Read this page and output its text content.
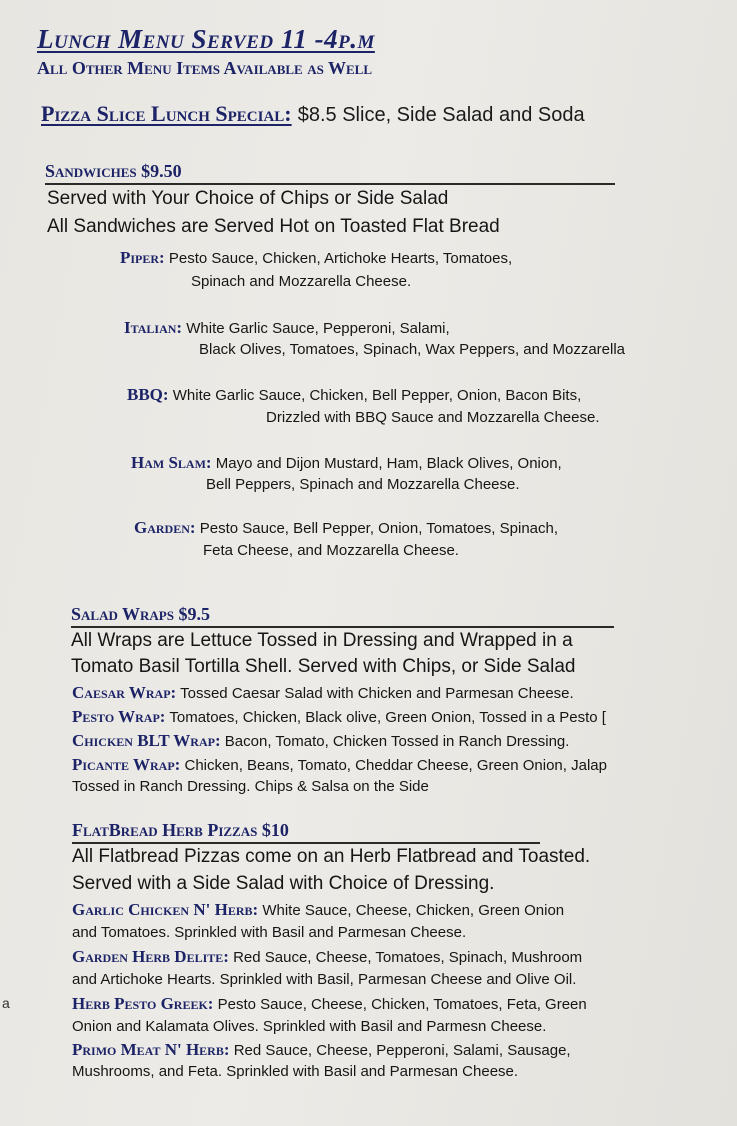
Lunch Menu Served 11 -4p.m
All Other Menu Items Available as Well
Pizza Slice Lunch Special: $8.5 Slice, Side Salad and Soda
Sandwiches $9.50
Served with Your Choice of Chips or Side Salad
All Sandwiches are Served Hot on Toasted Flat Bread
Piper: Pesto Sauce, Chicken, Artichoke Hearts, Tomatoes,
Spinach and Mozzarella Cheese.
Italian: White Garlic Sauce, Pepperoni, Salami,
Black Olives, Tomatoes, Spinach, Wax Peppers, and Mozzarella
BBQ: White Garlic Sauce, Chicken, Bell Pepper, Onion, Bacon Bits,
Drizzled with BBQ Sauce and Mozzarella Cheese.
Ham Slam: Mayo and Dijon Mustard, Ham, Black Olives, Onion,
Bell Peppers, Spinach and Mozzarella Cheese.
Garden: Pesto Sauce, Bell Pepper, Onion, Tomatoes, Spinach,
Feta Cheese, and Mozzarella Cheese.
Salad Wraps $9.5
All Wraps are Lettuce Tossed in Dressing and Wrapped in a
Tomato Basil Tortilla Shell. Served with Chips, or Side Salad
Caesar Wrap: Tossed Caesar Salad with Chicken and Parmesan Cheese.
Pesto Wrap: Tomatoes, Chicken, Black olive, Green Onion, Tossed in a Pesto [
Chicken BLT Wrap: Bacon, Tomato, Chicken Tossed in Ranch Dressing.
Picante Wrap: Chicken, Beans, Tomato, Cheddar Cheese, Green Onion, Jalap
Tossed in Ranch Dressing. Chips & Salsa on the Side
FlatBread Herb Pizzas $10
All Flatbread Pizzas come on an Herb Flatbread and Toasted.
Served with a Side Salad with Choice of Dressing.
Garlic Chicken N' Herb: White Sauce, Cheese, Chicken, Green Onion
and Tomatoes. Sprinkled with Basil and Parmesan Cheese.
Garden Herb Delite: Red Sauce, Cheese, Tomatoes, Spinach, Mushroom
and Artichoke Hearts. Sprinkled with Basil, Parmesan Cheese and Olive Oil.
Herb Pesto Greek: Pesto Sauce, Cheese, Chicken, Tomatoes, Feta, Green
Onion and Kalamata Olives. Sprinkled with Basil and Parmesn Cheese.
Primo Meat N' Herb: Red Sauce, Cheese, Pepperoni, Salami, Sausage,
Mushrooms, and Feta. Sprinkled with Basil and Parmesan Cheese.
a
